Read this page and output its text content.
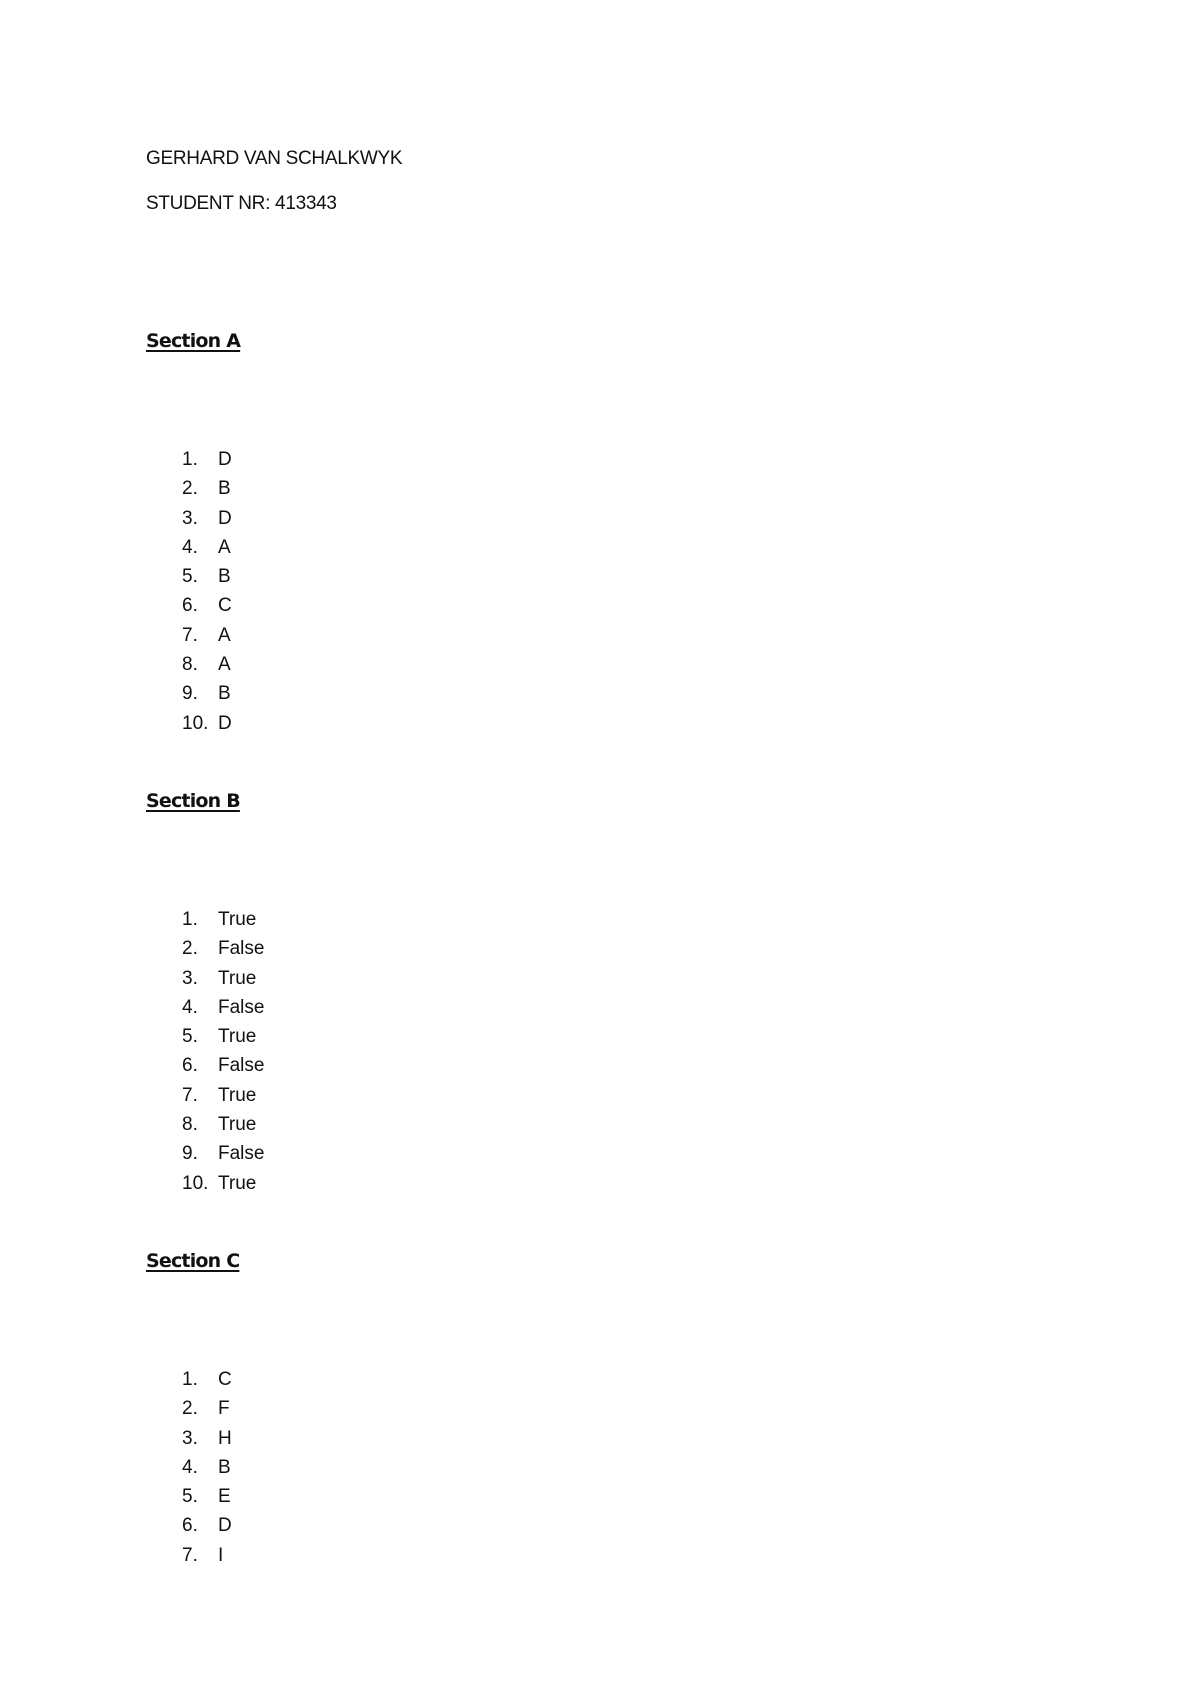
GERHARD VAN SCHALKWYK
STUDENT NR: 413343
Section A
1.	D
2.	B
3.	D
4.	A
5.	B
6.	C
7.	A
8.	A
9.	B
10. D
Section B
1.	True
2.	False
3.	True
4.	False
5.	True
6.	False
7.	True
8.	True
9.	False
10. True
Section C
1.	C
2.	F
3.	H
4.	B
5.	E
6.	D
7.	I
